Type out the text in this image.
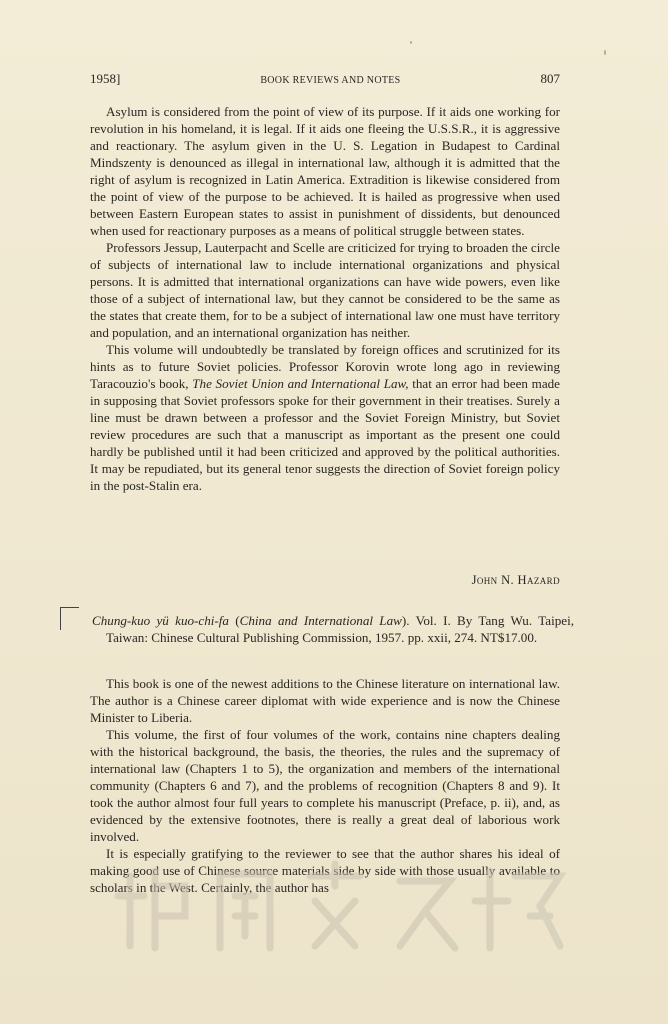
1958]	BOOK REVIEWS AND NOTES	807

Asylum is considered from the point of view of its purpose. If it aids one working for revolution in his homeland, it is legal. If it aids one fleeing the U.S.S.R., it is aggressive and reactionary. The asylum given in the U. S. Legation in Budapest to Cardinal Mindszenty is denounced as illegal in international law, although it is admitted that the right of asylum is recognized in Latin America. Extradition is likewise considered from the point of view of the purpose to be achieved. It is hailed as progressive when used between Eastern European states to assist in punishment of dissidents, but denounced when used for reactionary purposes as a means of political struggle between states.

Professors Jessup, Lauterpacht and Scelle are criticized for trying to broaden the circle of subjects of international law to include international organizations and physical persons. It is admitted that international organizations can have wide powers, even like those of a subject of international law, but they cannot be considered to be the same as the states that create them, for to be a subject of international law one must have territory and population, and an international organization has neither.

This volume will undoubtedly be translated by foreign offices and scrutinized for its hints as to future Soviet policies. Professor Korovin wrote long ago in reviewing Taracouzio's book, The Soviet Union and International Law, that an error had been made in supposing that Soviet professors spoke for their government in their treatises. Surely a line must be drawn between a professor and the Soviet Foreign Ministry, but Soviet review procedures are such that a manuscript as important as the present one could hardly be published until it had been criticized and approved by the political authorities. It may be repudiated, but its general tenor suggests the direction of Soviet foreign policy in the post-Stalin era.

John N. Hazard
Chung-kuo yü kuo-chi-fa (China and International Law). Vol. I. By Tang Wu. Taipei, Taiwan: Chinese Cultural Publishing Commission, 1957. pp. xxii, 274. NT$17.00.

This book is one of the newest additions to the Chinese literature on international law. The author is a Chinese career diplomat with wide experience and is now the Chinese Minister to Liberia.

This volume, the first of four volumes of the work, contains nine chapters dealing with the historical background, the basis, the theories, the rules and the supremacy of international law (Chapters 1 to 5), the organization and members of the international community (Chapters 6 and 7), and the problems of recognition (Chapters 8 and 9). It took the author almost four full years to complete his manuscript (Preface, p. ii), and, as evidenced by the extensive footnotes, there is really a great deal of laborious work involved.

It is especially gratifying to the reviewer to see that the author shares his ideal of making good use of Chinese source materials side by side with those usually available to scholars in the West. Certainly, the author has
